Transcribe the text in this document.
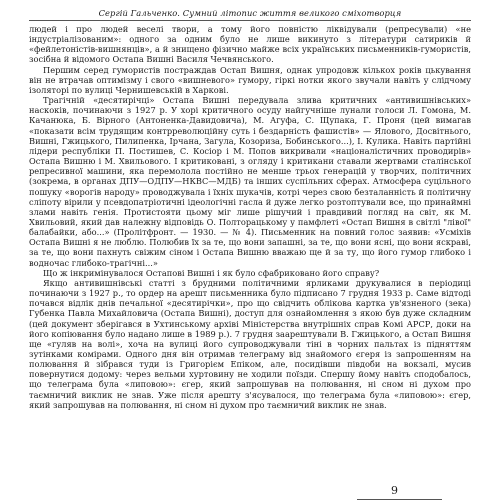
Сергій Гальченко. Сумний літопис життя великого сміхотворця

людей і про людей веселі твори, а тому його повністю ліквідували (репресували) «не індустріалізованим»: одного за одним було не лише викинуто з літератури сатириків й «фейлетоністів-вишнянців», а й знищено фізично майже всіх українських письменників-гумористів, зосібна й відомого Остапа Вишні Василя Чечвянського.

Першим серед гумористів постраждав Остап Вишня, однак упродовж кількох років цькування він не втрачав оптимізму і свого «вишневого» гумору, гіркі нотки якого звучали навіть у слідчому ізоляторі по вулиці Чернишевській в Харкові.

Трагічній «десятирічці» Остапа Вишні передувала злива критичних «антивишнівських» наскоків, починаючи з 1927 р. У хорі критичного осуду найгучніше лунали голоси Л. Гомона, М. Качанюка, Б. Вірного (Антоненка-Давидовича), М. Агуфа, С. Щупака, Г. Проня (цей вимагав «показати всім трудящим контрреволюційну суть і бездарність фашистів» — Ялового, Досвітнього, Вишні, Гжицького, Пилипенка, Ірчана, Загула, Козориза, Бобинського...), І. Кулика. Навіть партійні лідери республіки П. Постишев, С. Косіор і М. Попов викривали «націоналістичних проводирів» Остапа Вишню і М. Хвильового. І критиковані, з огляду і критикани ставали жертвами сталінської репресивної машини, яка перемолола постійно не менше трьох генерацій у творчих, політичних (зокрема, в органах ДПУ—ОДПУ—НКВС—МДБ) та інших суспільних сферах. Атмосфера суцільного пошуку «ворогів народу» проводжувала і їхніх шукачів, котрі через свою безталанність й політичну сліпоту вірили у псевдопатріотичні ідеологічні гасла й дуже легко розтоптували все, що принаймні злами навіть генія. Протистояти цьому міг лише рішучий і правдивий погляд на світ, як М. Хвильовий, який дав належну відповідь О. Полторацькому у памфлеті «Остап Вишня в світлі "лівої" балабайки, або...» (Пролітфронт. — 1930. — № 4). Письменник на повний голос заявив: «Усміхів Остапа Вишні я не люблю. Полюбив їх за те, що вони запашні, за те, що вони ясні, що вони яскраві, за те, що вони пахнуть свіжим сіном і Остапа Вишню вважаю ще й за ту, що його гумор глибоко і водночас глибоко-трагічні...»

Що ж інкримінувалося Остапові Вишні і як було сфабриковано його справу?

Якщо антивишнівські статті з брудними політичними ярликами друкувалися в періодиці починаючи з 1927 р., то ордер на арешт письменника було підписано 7 грудня 1933 р. Саме відтоді почався відлік днів печальної «десятирічки», про що свідчить облікова картка ув'язненого (зека) Губенка Павла Михайловича (Остапа Вишні), доступ для ознайомлення з якою був дуже складним (цей документ зберігався в Ухтинському архіві Міністерства внутрішніх справ Комі АРСР, доки на його копіювання було надано лише в 1989 р.). 7 грудня заарештували В. Гжицького, а Остап Вишня ще «гуляв на волі», хоча на вулиці його супроводжували тіні в чорних пальтах із підняттям зутінками комірами. Одного дня він отримав телеграму від знайомого єгеря із запрошенням на полювання й зібрався туди із Григорієм Епіком, але, посидівши півдоби на вокзалі, мусив повернутися додому: через вельми хуртовину не ходили поїзди. Спершу йому навіть сподобалось, що телеграма була «липовою»: єгер, який запрошував на полювання, ні сном ні духом про таємничий виклик не знав. Уже після арешту з'ясувалося, що телеграма була «липовою»: єгер, який запрошував на полювання, ні сном ні духом про таємничий виклик не знав.

9
